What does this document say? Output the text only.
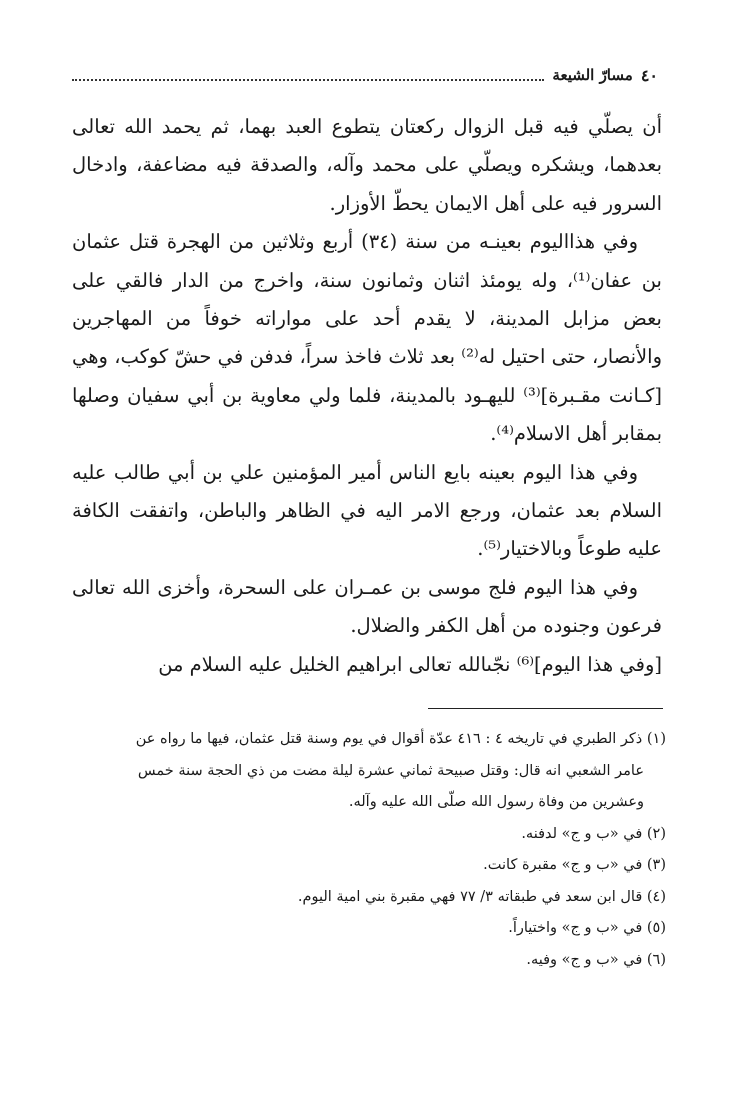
٤٠
مسارّ الشيعة

أن يصلّي فيه قبل الزوال ركعتان يتطوع العبد بهما، ثم يحمد الله تعالى بعدهما، ويشكره ويصلّي على محمد وآله، والصدقة فيه مضاعفة، وادخال السرور فيه على أهل الايمان يحطّ الأوزار.

وفي هذااليوم بعينـه من سنة (٣٤) أربع وثلاثين من الهجرة قتل عثمان بن عفان⁽¹⁾، وله يومئذ اثنان وثمانون سنة، واخرج من الدار فالقي على بعض مزابل المدينة، لا يقدم أحد على مواراته خوفاً من المهاجرين والأنصار، حتى احتيل له⁽²⁾ بعد ثلاث فاخذ سراً، فدفن في حشّ كوكب، وهي [كـانت مقـبرة]⁽³⁾ لليهـود بالمدينة، فلما ولي معاوية بن أبي سفيان وصلها بمقابر أهل الاسلام⁽⁴⁾.

وفي هذا اليوم بعينه بايع الناس أمير المؤمنين علي بن أبي طالب عليه السلام بعد عثمان، ورجع الامر اليه في الظاهر والباطن، واتفقت الكافة عليه طوعاً وبالاختيار⁽⁵⁾.

وفي هذا اليوم فلج موسى بن عمـران على السحرة، وأخزى الله تعالى فرعون وجنوده من أهل الكفر والضلال.

[وفي هذا اليوم]⁽⁶⁾ نجّىالله تعالى ابراهيم الخليل عليه السلام من

(١) ذكر الطبري في تاريخه ٤ : ٤١٦ عدّة أقوال في يوم وسنة قتل عثمان، فيها ما رواه عن

عامر الشعبي انه قال: وقتل صبيحة ثماني عشرة ليلة مضت من ذي الحجة سنة خمس

وعشرين من وفاة رسول الله صلّى الله عليه وآله.

(٢) في «ب و ج» لدفنه.

(٣) في «ب و ج» مقبرة كانت.

(٤) قال ابن سعد في طبقاته ٣/ ٧٧ فهي مقبرة بني امية اليوم.

(٥) في «ب و ج» واختياراً.

(٦) في «ب و ج» وفيه.
